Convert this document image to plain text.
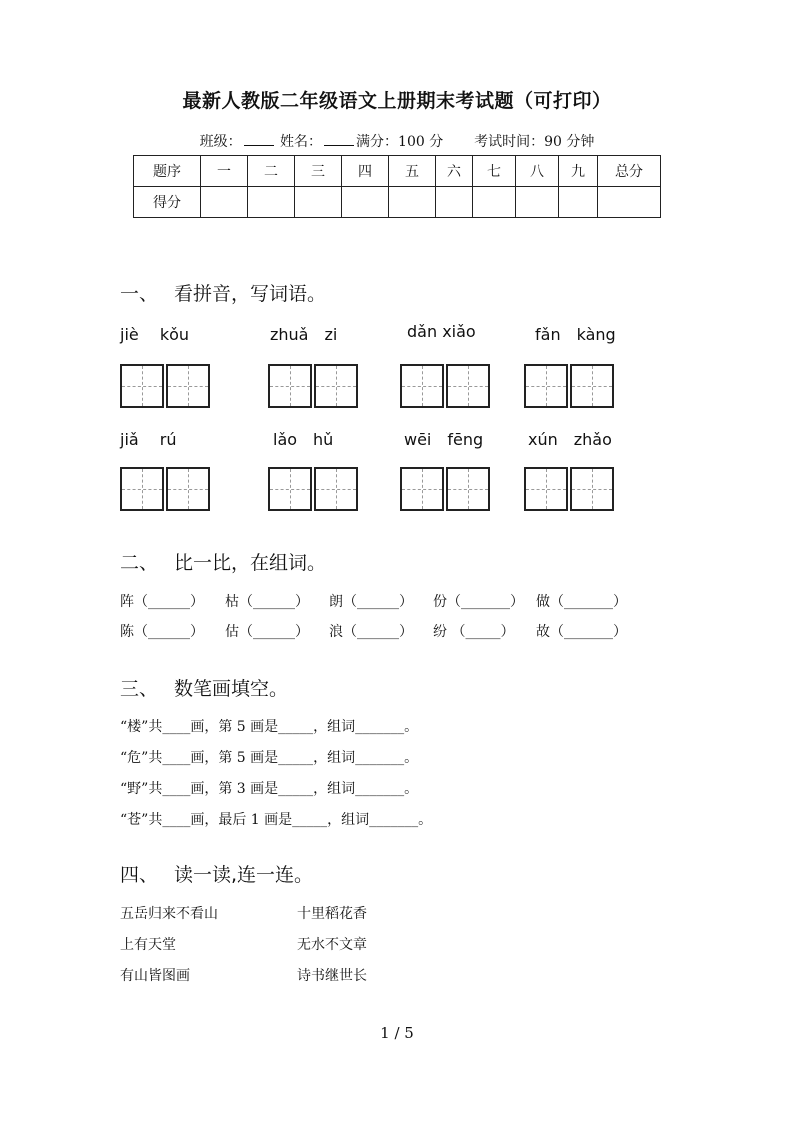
最新人教版二年级语文上册期末考试题（可打印）
班级：	姓名： 满分：100 分 考试时间：90 分钟
题序	一	二	三	四	五	六	七	八	九	总分
得分										
一、 看拼音，写词语。
jiè　 kǒu	zhuǎ　zi	dǎn xiǎo	fǎn　kàng
jiǎ　 rú	lǎo　hǔ	wēi　fēng	xún　zhǎo
二、 比一比，在组词。
阵（______） 枯（______） 朗（______） 份（_______） 做（_______）
陈（______） 估（______） 浪（______） 纷 （_____） 故（_______）
三、 数笔画填空。
“楼”共____画，第 5 画是_____，组词_______。
“危”共____画，第 5 画是_____，组词_______。
“野”共____画，第 3 画是_____，组词_______。
“苍”共____画，最后 1 画是_____，组词_______。
四、 读一读,连一连。
五岳归来不看山
上有天堂
有山皆图画
十里稻花香
无水不文章
诗书继世长
1 / 5
